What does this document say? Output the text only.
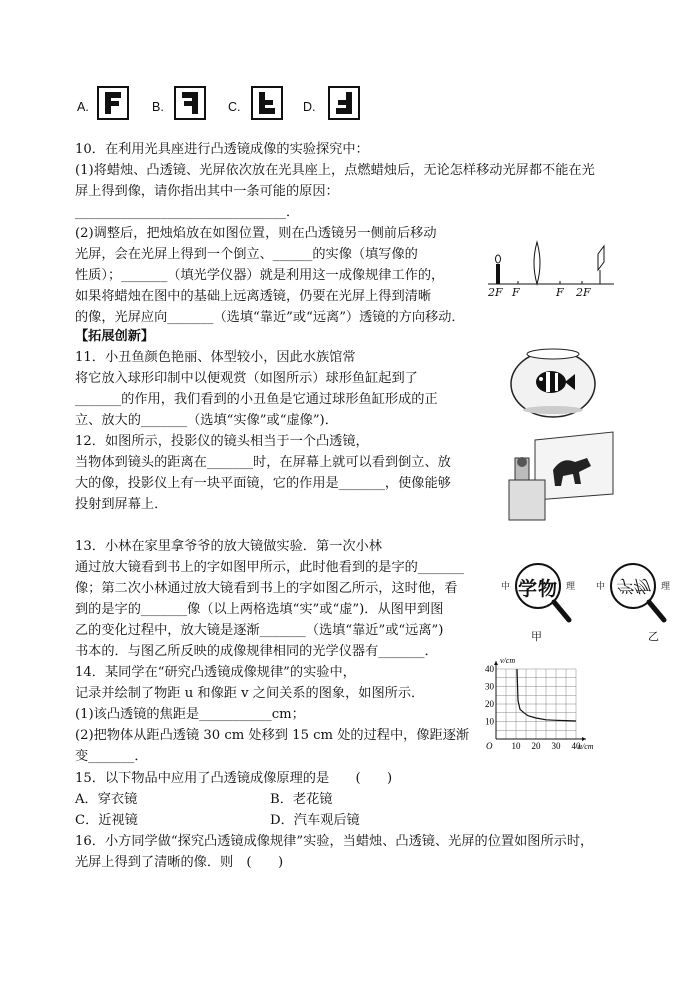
A.	B.	C.	D.
10．在利用光具座进行凸透镜成像的实验探究中：
(1)将蜡烛、凸透镜、光屏依次放在光具座上，点燃蜡烛后，无论怎样移动光屏都不能在光
屏上得到像，请你指出其中一条可能的原因：
________________________________．
(2)调整后，把烛焰放在如图位置，则在凸透镜另一侧前后移动
光屏，会在光屏上得到一个倒立、______的实像（填写像的
性质）；_______（填光学仪器）就是利用这一成像规律工作的，
如果将蜡烛在图中的基础上远离透镜，仍要在光屏上得到清晰
的像，光屏应向_______（选填“靠近”或“远离”）透镜的方向移动．
2F F	F 2F
【拓展创新】
11．小丑鱼颜色艳丽、体型较小，因此水族馆常
将它放入球形印制中以便观赏（如图所示）球形鱼缸起到了
_______的作用，我们看到的小丑鱼是它通过球形鱼缸形成的正
立、放大的_______（选填“实像”或“虚像”)．
12．如图所示，投影仪的镜头相当于一个凸透镜，
当物体到镜头的距离在_______时，在屏幕上就可以看到倒立、放
大的像，投影仪上有一块平面镜，它的作用是_______，使像能够
投射到屏幕上．
13．小林在家里拿爷爷的放大镜做实验．第一次小林
通过放大镜看到书上的字如图甲所示，此时他看到的是字的_______
像；第二次小林通过放大镜看到书上的字如图乙所示，这时他，看
到的是字的_______像（以上两格选填“实”或“虚”)．从图甲到图
乙的变化过程中，放大镜是逐渐_______（选填“靠近”或“远离”)
书本的．与图乙所反映的成像规律相同的光学仪器有_______．
中 学物 理
甲
中 学物 理
乙
14．某同学在“研究凸透镜成像规律”的实验中，
记录并绘制了物距 u 和像距 v 之间关系的图象，如图所示．
(1)该凸透镜的焦距是___________cm；
(2)把物体从距凸透镜 30 cm 处移到 15 cm 处的过程中，像距逐渐
变_______．
10 20 30 40
10
20
30
40
O
v/cm
u/cm
15．以下物品中应用了凸透镜成像原理的是　　(　　)
A．穿衣镜	B．老花镜
C．近视镜	D．汽车观后镜
16．小方同学做“探究凸透镜成像规律”实验，当蜡烛、凸透镜、光屏的位置如图所示时，
光屏上得到了清晰的像．则　(　　)
